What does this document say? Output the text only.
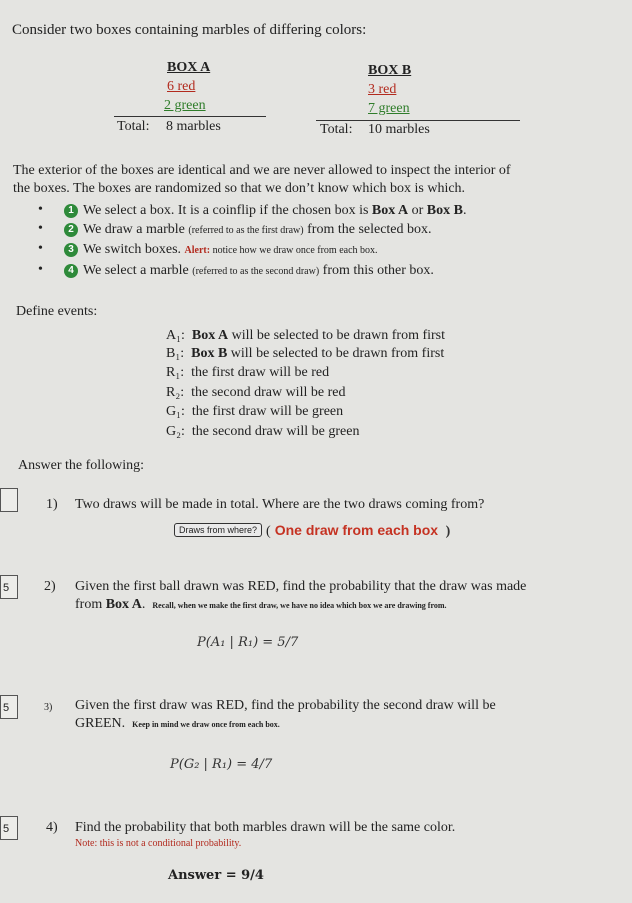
Consider two boxes containing marbles of differing colors:
BOX A
6 red
2 green
Total: 8 marbles
BOX B
3 red
7 green
Total: 10 marbles
The exterior of the boxes are identical and we are never allowed to inspect the interior of
the boxes. The boxes are randomized so that we don’t know which box is which.
•	1 We select a box. It is a coinflip if the chosen box is Box A or Box B.
•	2 We draw a marble (referred to as the first draw) from the selected box.
•	3 We switch boxes. Alert: notice how we draw once from each box.
•	4 We select a marble (referred to as the second draw) from this other box.
Define events:
A₁: Box A will be selected to be drawn from first
B₁: Box B will be selected to be drawn from first
R₁: the first draw will be red
R₂: the second draw will be red
G₁: the first draw will be green
G₂: the second draw will be green
Answer the following:
1) Two draws will be made in total. Where are the two draws coming from?
Draws from where? ( One draw from each box  )
5	2) Given the first ball drawn was RED, find the probability that the draw was made
from Box A. Recall, when we make the first draw, we have no idea which box we are drawing from.
P(A₁ | R₁) = 5/7
5	3) Given the first draw was RED, find the probability the second draw will be
GREEN. Keep in mind we draw once from each box.
P(G₂ | R₁) = 4/7
5	4) Find the probability that both marbles drawn will be the same color.
Note: this is not a conditional probability.
Answer = 9/4
